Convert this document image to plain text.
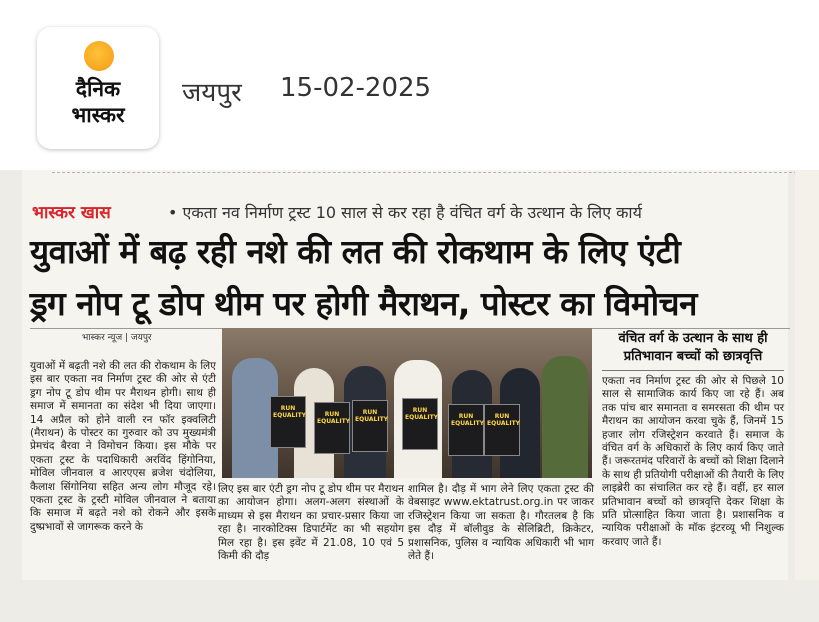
दैनिक
भास्कर
जयपुर 15-02-2025
भास्कर खास	• एकता नव निर्माण ट्रस्ट 10 साल से कर रहा है वंचित वर्ग के उत्थान के लिए कार्य
युवाओं में बढ़ रही नशे की लत की रोकथाम के लिए एंटी
ड्रग नोप टू डोप थीम पर होगी मैराथन, पोस्टर का विमोचन
भास्कर न्यूज | जयपुर
युवाओं में बढ़ती नशे की लत की रोकथाम के लिए इस बार एकता नव निर्माण ट्रस्ट की ओर से एंटी ड्रग नोप टू डोप थीम पर मैराथन होगी। साथ ही समाज में समानता का संदेश भी दिया जाएगा। 14 अप्रैल को होने वाली रन फॉर इक्वलिटी (मैराथन) के पोस्टर का गुरुवार को उप मुख्यमंत्री प्रेमचंद बैरवा ने विमोचन किया। इस मौके पर एकता ट्रस्ट के पदाधिकारी अरविंद हिंगोनिया, मोविल जीनवाल व आरएएस ब्रजेश चंदोलिया, कैलाश सिंगोनिया सहित अन्य लोग मौजूद रहे। एकता ट्रस्ट के ट्रस्टी मोविल जीनवाल ने बताया कि समाज में बढ़ते नशे को रोकने और इसके दुष्प्रभावों से जागरूक करने के
RUN EQUALITY	RUN EQUALITY
RUN EQUALITY
RUN EQUALITY	RUN EQUALITY
RUN EQUALITY
लिए इस बार एंटी ड्रग नोप टू डोप थीम पर मैराथन का आयोजन होगा। अलग-अलग संस्थाओं के माध्यम से इस मैराथन का प्रचार-प्रसार किया जा रहा है। नारकोटिक्स डिपार्टमेंट का भी सहयोग मिल रहा है। इस इवेंट में 21.08, 10 एवं 5 किमी की दौड़
शामिल है। दौड़ में भाग लेने लिए एकता ट्रस्ट की वेबसाइट www.ektatrust.org.in पर जाकर रजिस्ट्रेशन किया जा सकता है। गौरतलब है कि इस दौड़ में बॉलीवुड के सेलिब्रिटी, क्रिकेटर, प्रशासनिक, पुलिस व न्यायिक अधिकारी भी भाग लेते हैं।
वंचित वर्ग के उत्थान के साथ ही प्रतिभावान बच्चों को छात्रवृत्ति
एकता नव निर्माण ट्रस्ट की ओर से पिछले 10 साल से सामाजिक कार्य किए जा रहे हैं। अब तक पांच बार समानता व समरसता की थीम पर मैराथन का आयोजन करवा चुके हैं, जिनमें 15 हजार लोग रजिस्ट्रेशन करवाते हैं। समाज के वंचित वर्ग के अधिकारों के लिए कार्य किए जाते हैं। जरूरतमंद परिवारों के बच्चों को शिक्षा दिलाने के साथ ही प्रतियोगी परीक्षाओं की तैयारी के लिए लाइब्रेरी का संचालित कर रहे हैं। वहीं, हर साल प्रतिभावान बच्चों को छात्रवृत्ति देकर शिक्षा के प्रति प्रोत्साहित किया जाता है। प्रशासनिक व न्यायिक परीक्षाओं के मॉक इंटरव्यू भी निशुल्क करवाए जाते हैं।
